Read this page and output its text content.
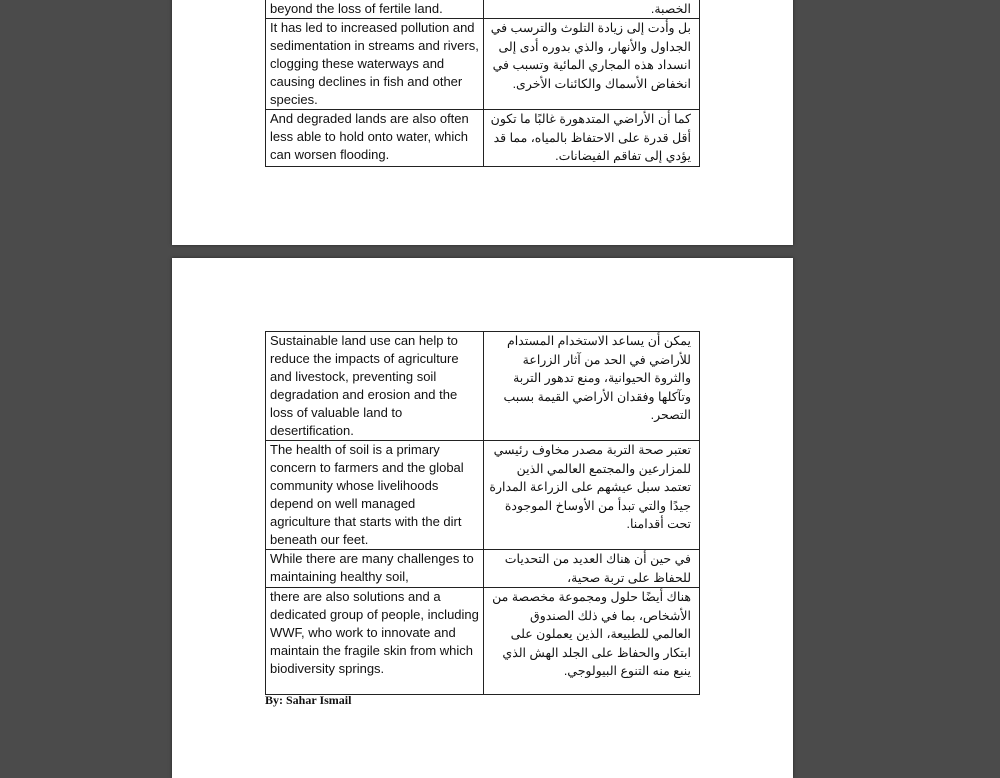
beyond the loss of fertile land.	الخصبة.
It has led to increased pollution and sedimentation in streams and rivers, clogging these waterways and causing declines in fish and other species.	بل وأدت إلى زيادة التلوث والترسب في الجداول والأنهار، والذي بدوره أدى إلى انسداد هذه المجاري المائية وتسبب في انخفاض الأسماك والكائنات الأخرى.
And degraded lands are also often less able to hold onto water, which can worsen flooding.	كما أن الأراضي المتدهورة غالبًا ما تكون أقل قدرة على الاحتفاظ بالمياه، مما قد يؤدي إلى تفاقم الفيضانات.
Sustainable land use can help to reduce the impacts of agriculture and livestock, preventing soil degradation and erosion and the loss of valuable land to desertification.	يمكن أن يساعد الاستخدام المستدام للأراضي في الحد من آثار الزراعة والثروة الحيوانية، ومنع تدهور التربة وتآكلها وفقدان الأراضي القيمة بسبب التصحر.
The health of soil is a primary concern to farmers and the global community whose livelihoods depend on well managed agriculture that starts with the dirt beneath our feet.	تعتبر صحة التربة مصدر مخاوف رئيسي للمزارعين والمجتمع العالمي الذين تعتمد سبل عيشهم على الزراعة المدارة جيدًا والتي تبدأ من الأوساخ الموجودة تحت أقدامنا.
While there are many challenges to maintaining healthy soil,	في حين أن هناك العديد من التحديات للحفاظ على تربة صحية،
there are also solutions and a dedicated group of people, including WWF, who work to innovate and maintain the fragile skin from which biodiversity springs.	هناك أيضًا حلول ومجموعة مخصصة من الأشخاص، بما في ذلك الصندوق العالمي للطبيعة، الذين يعملون على ابتكار والحفاظ على الجلد الهش الذي ينبع منه التنوع البيولوجي.
By: Sahar Ismail
